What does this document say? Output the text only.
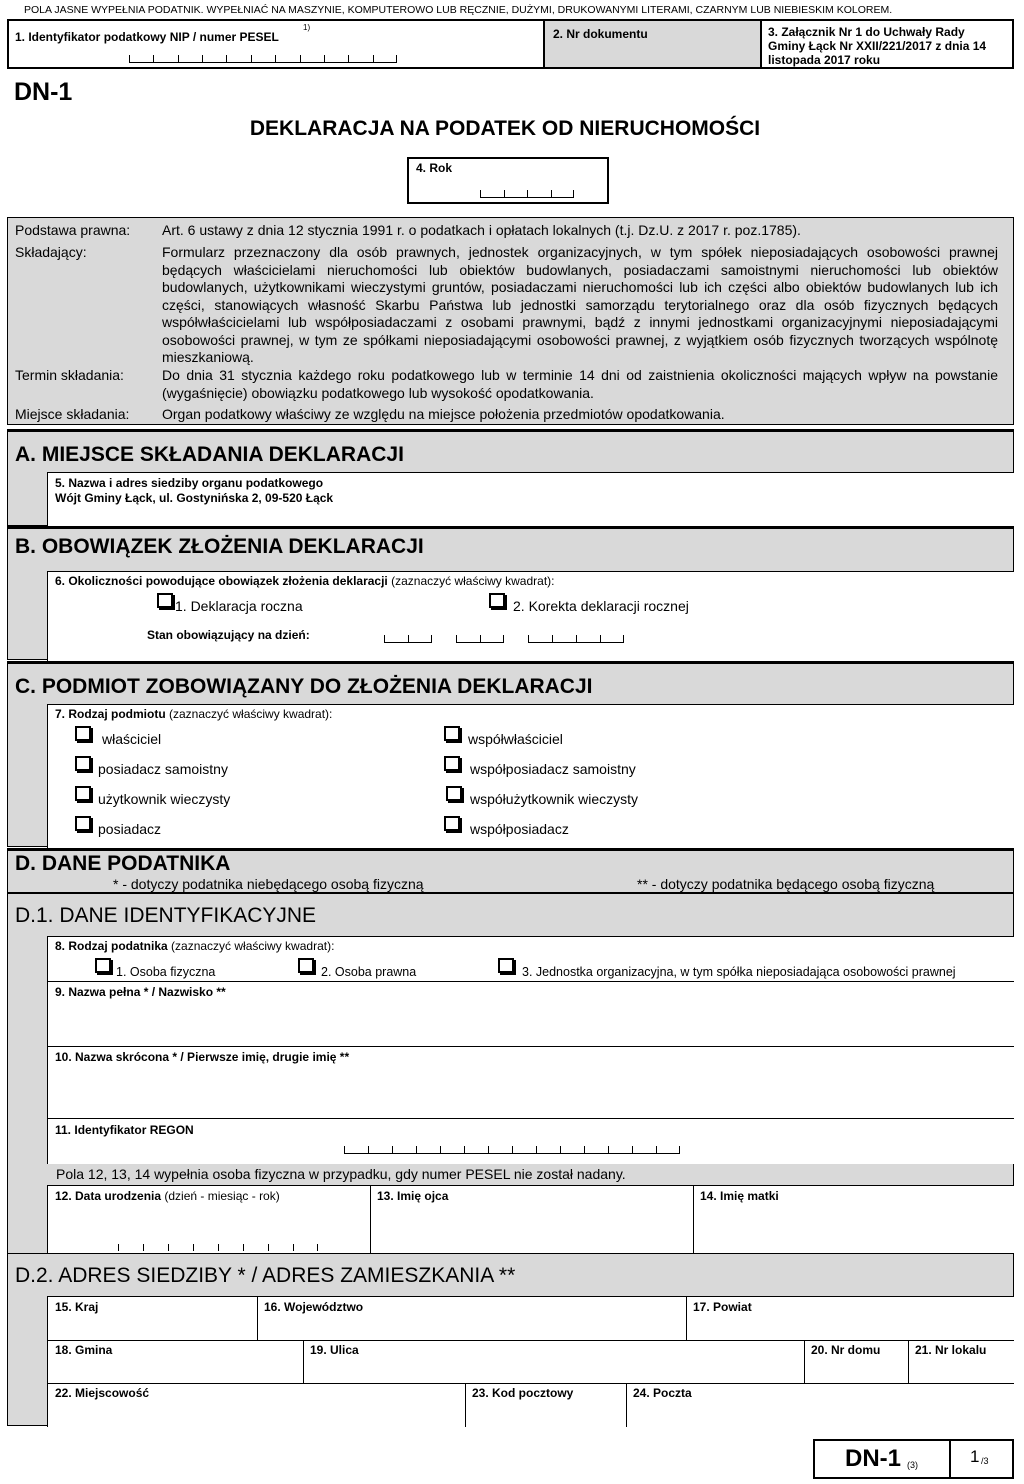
POLA JASNE WYPEŁNIA PODATNIK. WYPEŁNIAĆ NA MASZYNIE, KOMPUTEROWO LUB RĘCZNIE, DUŻYMI, DRUKOWANYMI LITERAMI, CZARNYM LUB NIEBIESKIM KOLOREM.
1. Identyfikator podatkowy NIP / numer PESEL
1)	2. Nr dokumentu	3. Załącznik Nr 1 do Uchwały Rady Gminy Łąck Nr XXII/221/2017 z dnia 14 listopada 2017 roku
DN-1
DEKLARACJA NA PODATEK OD NIERUCHOMOŚCI
4. Rok
Podstawa prawna: Art. 6 ustawy z dnia 12 stycznia 1991 r. o podatkach i opłatach lokalnych (t.j. Dz.U. z 2017 r. poz.1785).
Składający:	Formularz przeznaczony dla osób prawnych, jednostek organizacyjnych, w tym spółek nieposiadających osobowości prawnej będących właścicielami nieruchomości lub obiektów budowlanych, posiadaczami samoistnymi nieruchomości lub obiektów budowlanych, użytkownikami wieczystymi gruntów, posiadaczami nieruchomości lub ich części albo obiektów budowlanych lub ich części, stanowiących własność Skarbu Państwa lub jednostki samorządu terytorialnego oraz dla osób fizycznych będących współwłaścicielami lub współposiadaczami z osobami prawnymi, bądź z innymi jednostkami organizacyjnymi nieposiadającymi osobowości prawnej, w tym ze spółkami nieposiadającymi osobowości prawnej, z wyjątkiem osób fizycznych tworzących wspólnotę mieszkaniową.
Termin składania:	Do dnia 31 stycznia każdego roku podatkowego lub w terminie 14 dni od zaistnienia okoliczności mających wpływ na powstanie (wygaśnięcie) obowiązku podatkowego lub wysokość opodatkowania.
Miejsce składania: Organ podatkowy właściwy ze względu na miejsce położenia przedmiotów opodatkowania.
A. MIEJSCE SKŁADANIA DEKLARACJI
5. Nazwa i adres siedziby organu podatkowego
Wójt Gminy Łąck, ul. Gostynińska 2, 09-520 Łąck
B. OBOWIĄZEK ZŁOŻENIA DEKLARACJI
6. Okoliczności powodujące obowiązek złożenia deklaracji (zaznaczyć właściwy kwadrat):
1. Deklaracja roczna	2. Korekta deklaracji rocznej
Stan obowiązujący na dzień:
C. PODMIOT ZOBOWIĄZANY DO ZŁOŻENIA DEKLARACJI
7. Rodzaj podmiotu (zaznaczyć właściwy kwadrat):
właściciel
posiadacz samoistny
użytkownik wieczysty
posiadacz
współwłaściciel
współposiadacz samoistny
współużytkownik wieczysty
współposiadacz
D. DANE PODATNIKA
* - dotyczy podatnika niebędącego osobą fizyczną	** - dotyczy podatnika będącego osobą fizyczną
D.1. DANE IDENTYFIKACYJNE
8. Rodzaj podatnika (zaznaczyć właściwy kwadrat):
1. Osoba fizyczna	2. Osoba prawna	3. Jednostka organizacyjna, w tym spółka nieposiadająca osobowości prawnej
9. Nazwa pełna * / Nazwisko **
10. Nazwa skrócona * / Pierwsze imię, drugie imię **
11. Identyfikator REGON
Pola 12, 13, 14 wypełnia osoba fizyczna w przypadku, gdy numer PESEL nie został nadany.
12. Data urodzenia (dzień - miesiąc - rok)	13. Imię ojca	14. Imię matki
D.2. ADRES SIEDZIBY * / ADRES ZAMIESZKANIA **
15. Kraj	16. Województwo	17. Powiat
18. Gmina	19. Ulica	20. Nr domu	21. Nr lokalu
22. Miejscowość	23. Kod pocztowy	24. Poczta
DN-1 (3)	1 /3
